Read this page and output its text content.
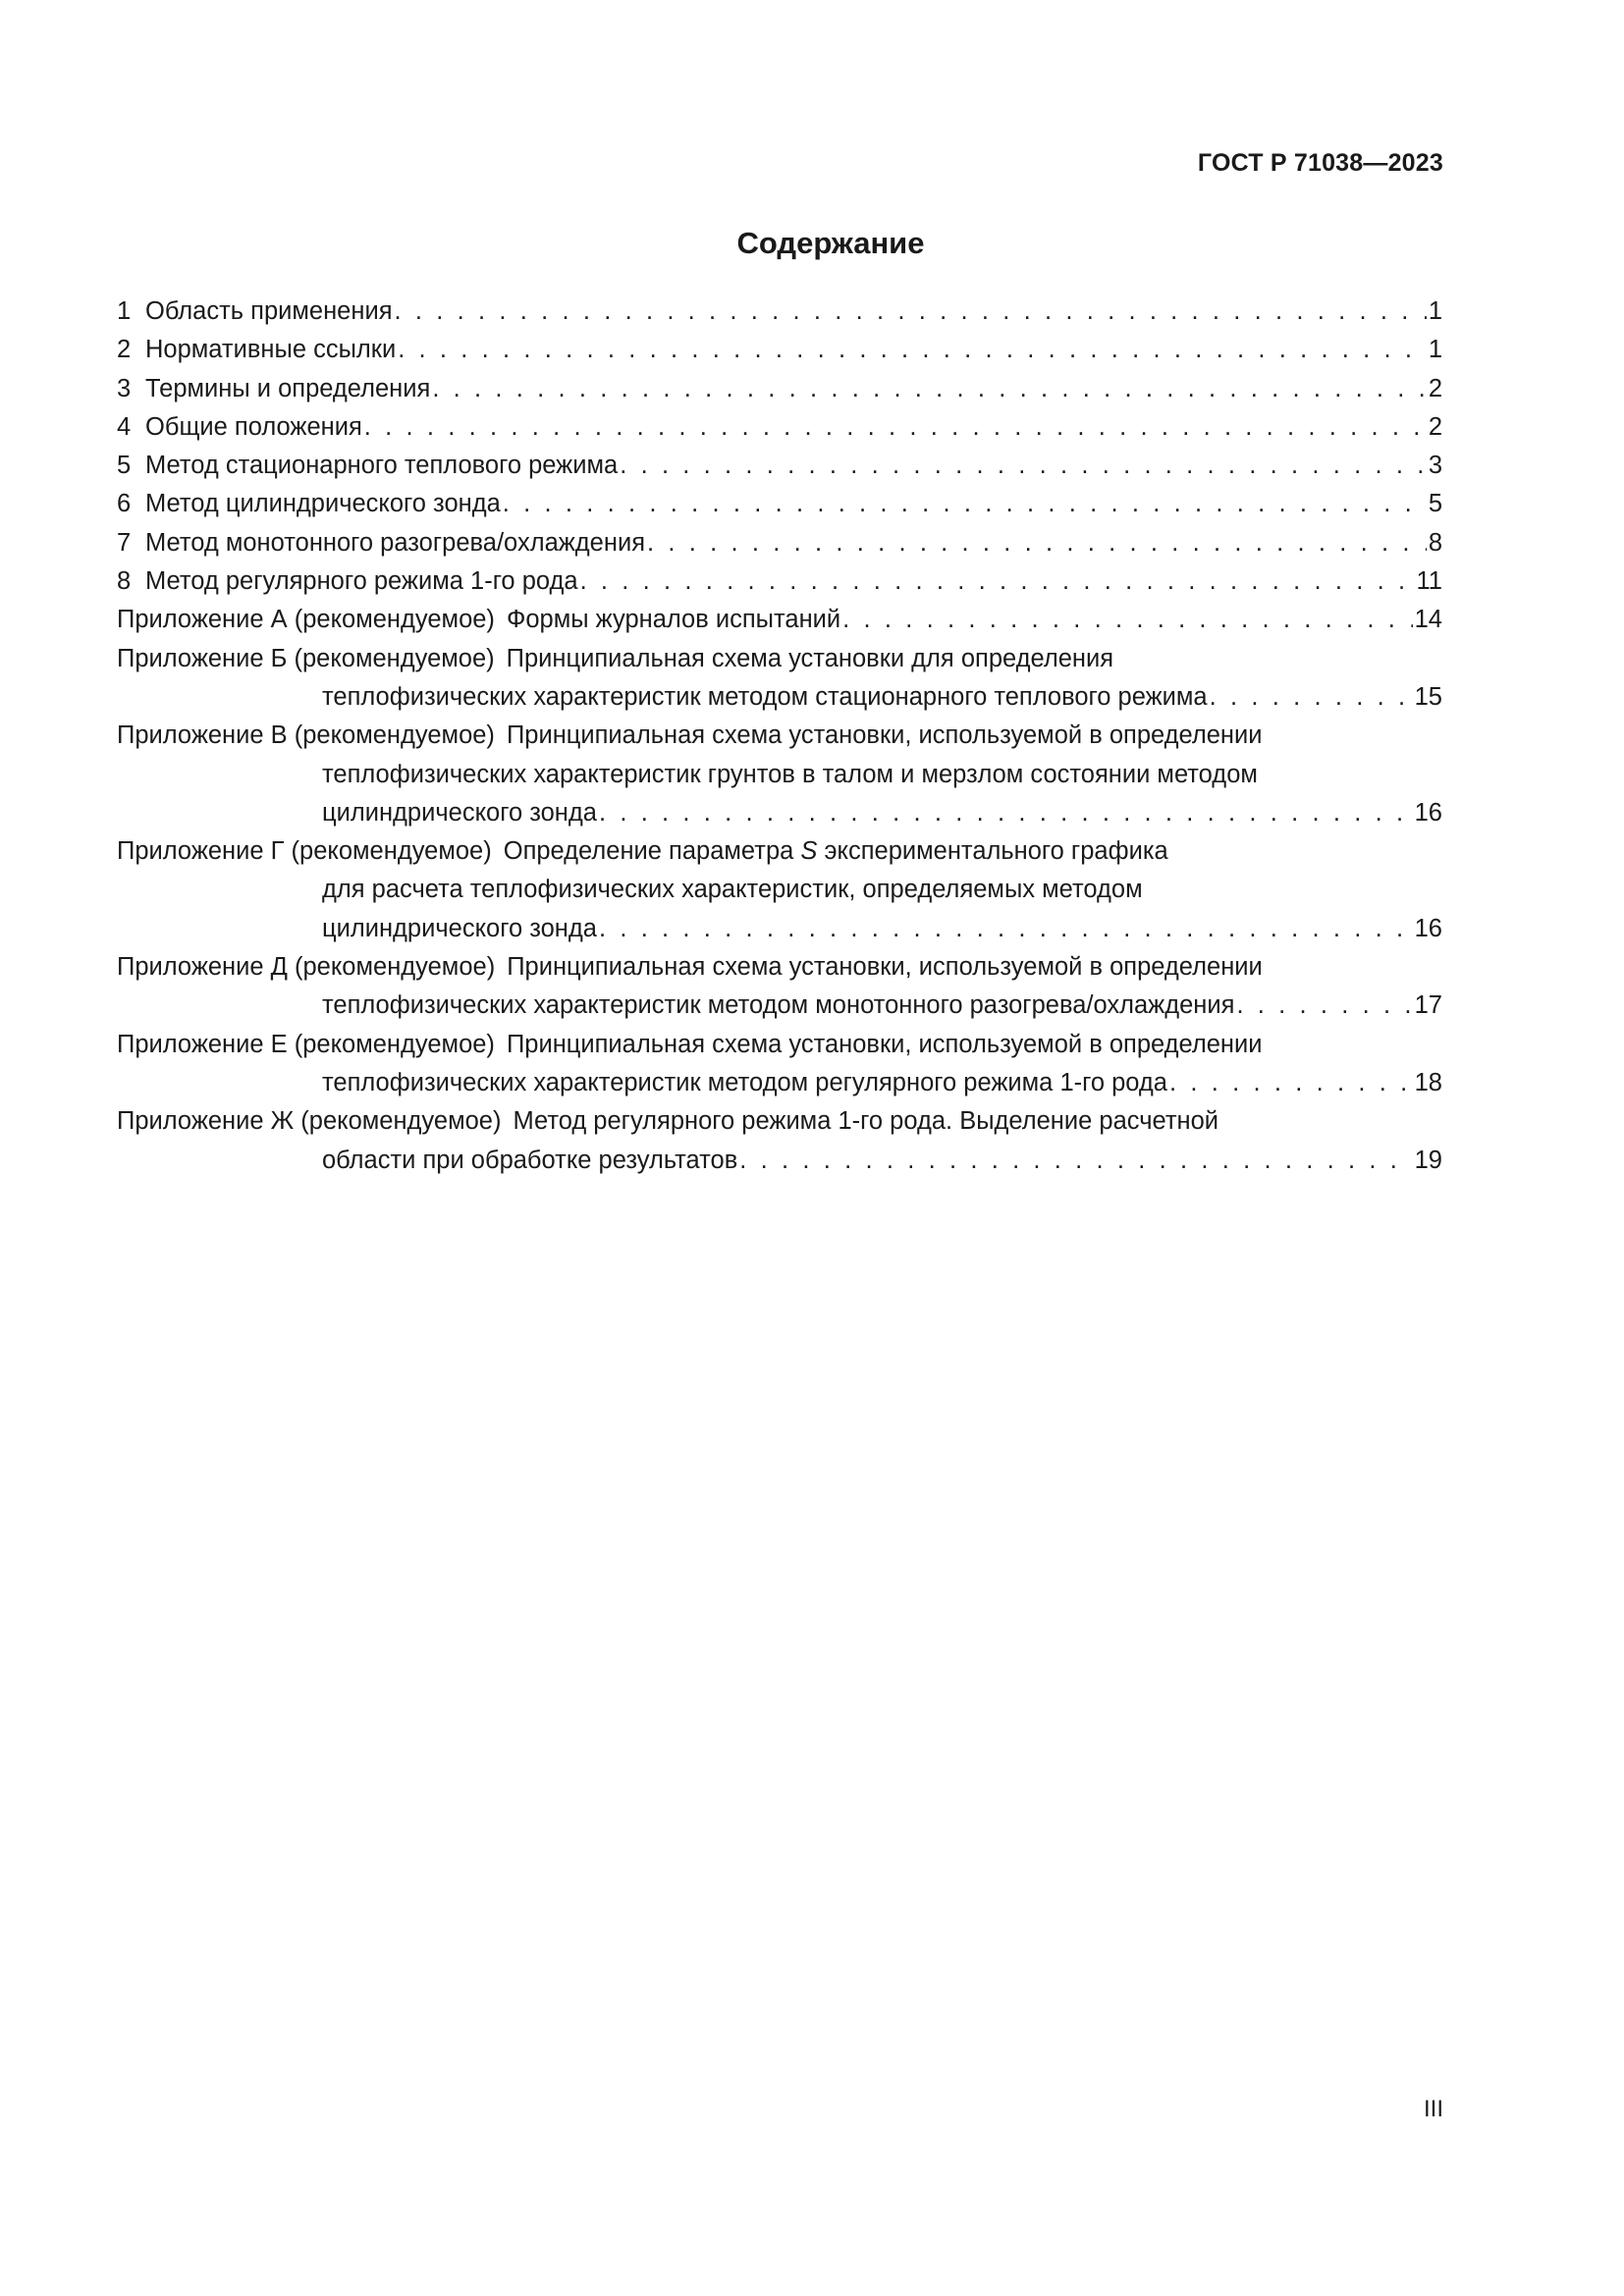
ГОСТ Р 71038—2023
Содержание
1 Область применения . . .	1
2 Нормативные ссылки . . .	1
3 Термины и определения . . .	2
4 Общие положения . . .	2
5 Метод стационарного теплового режима . . .	3
6 Метод цилиндрического зонда . . .	5
7 Метод монотонного разогрева/охлаждения . . .	8
8 Метод регулярного режима 1-го рода . . .	11
Приложение А (рекомендуемое) Формы журналов испытаний . . .	14
Приложение Б (рекомендуемое) Принципиальная схема установки для определения
теплофизических характеристик методом стационарного теплового режима . . .	15
Приложение В (рекомендуемое) Принципиальная схема установки, используемой в определении
теплофизических характеристик грунтов в талом и мерзлом состоянии методом
цилиндрического зонда . . .	16
Приложение Г (рекомендуемое) Определение параметра S экспериментального графика
для расчета теплофизических характеристик, определяемых методом
цилиндрического зонда . . .	16
Приложение Д (рекомендуемое) Принципиальная схема установки, используемой в определении
теплофизических характеристик методом монотонного разогрева/охлаждения . . .	17
Приложение Е (рекомендуемое) Принципиальная схема установки, используемой в определении
теплофизических характеристик методом регулярного режима 1-го рода . . .	18
Приложение Ж (рекомендуемое) Метод регулярного режима 1-го рода. Выделение расчетной
области при обработке результатов . . .	19
III
